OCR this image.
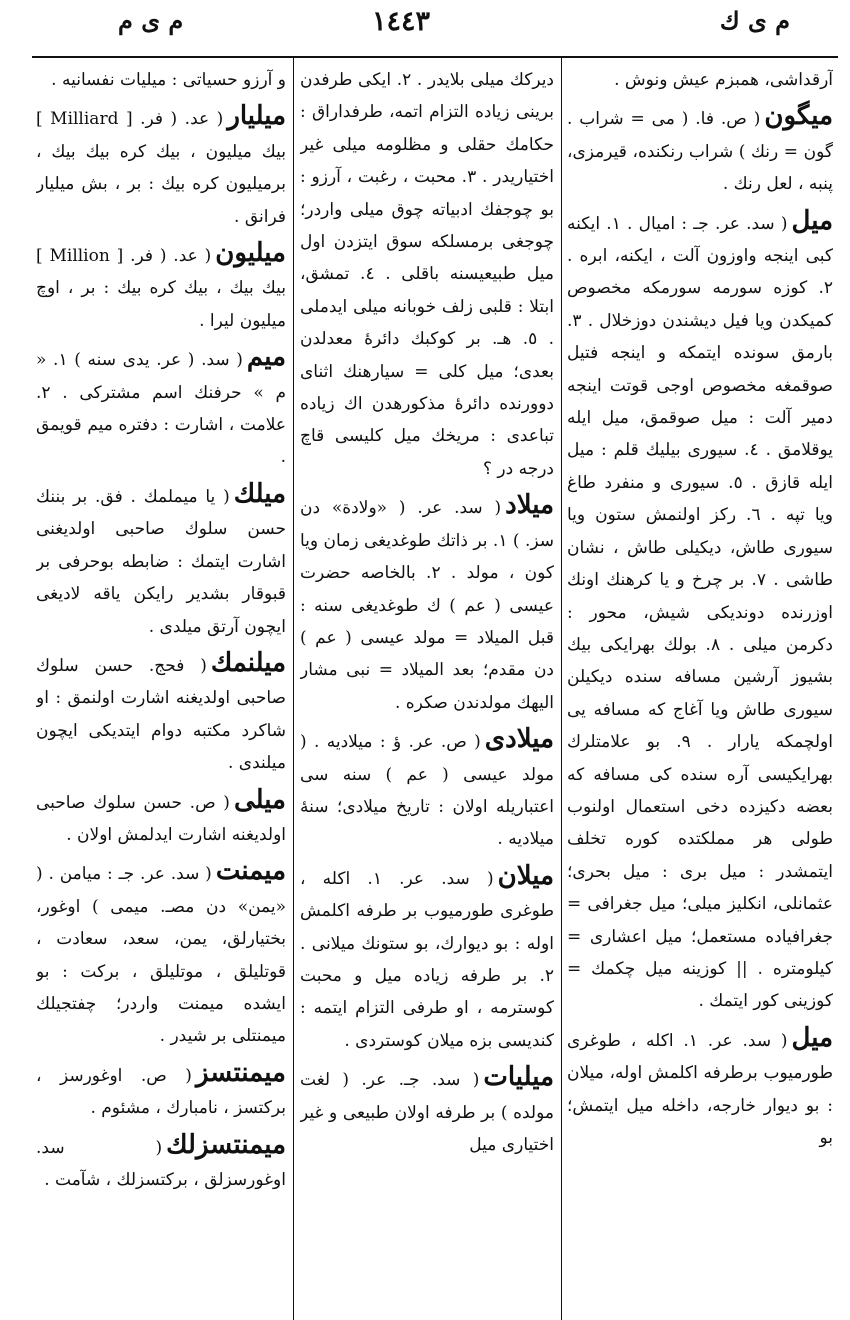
م ى ك
١٤٤٣
م ى م

آرقداشى، همبزم عيش ونوش .

ميگون( ص. فا. ( مى = شراب . گون = رنك ) شراب رنكنده، قيرمزى، پنبه ، لعل رنك .

ميل( سد. عر. جـ : اميال . ١. ايكنه كبى اينجه واوزون آلت ، ايكنه، ابره . ٢. كوزه سورمه سورمكه مخصوص كميكدن ويا فيل ديشندن دوزخلال . ٣. بارمق سونده ايتمكه و اينجه فتيل صوقمغه مخصوص اوجى قوتت اينجه دمير آلت : ميل صوقمق، ميل ايله يوقلامق . ٤. سيورى بيليك قلم : ميل ايله قازق . ٥. سيورى و منفرد طاغ ويا تپه . ٦. ركز اولنمش ستون ويا سيورى طاش، ديكيلى طاش ، نشان طاشى . ٧. بر چرخ و يا كرهنك اونك اوزرنده دونديكى شيش، محور : دكرمن ميلى . ٨. بولك بهرايكى بيك بشيوز آرشين مسافه سنده ديكيلن سيورى طاش ويا آغاج كه مسافه يى اولچمكه يارار . ٩. بو علامتلرك بهرايكيسى آره سنده كى مسافه كه بعضه دكيزده دخى استعمال اولنوب طولى هر مملكتده كوره تخلف ايتمشدر : ميل برى : ميل بحرى؛ عثمانلى، انكليز ميلى؛ ميل جغرافى = جغرافياده مستعمل؛ ميل اعشارى = كيلومتره . || كوزينه ميل چكمك = كوزينى كور ايتمك .

ميل( سد. عر. ١. اكله ، طوغرى طورميوب برطرفه اكلمش اوله، ميلان : بو ديوار خارجه، داخله ميل ايتمش؛ بو

ديركك ميلى بلايدر . ٢. ايكى طرفدن برينى زياده التزام اتمه، طرفداراق : حكامك حقلى و مظلومه ميلى غير اختياريدر . ٣. محبت ، رغبت ، آرزو : بو چوجفك ادبياته چوق ميلى واردر؛ چوجغى برمسلكه سوق ايتزدن اول ميل طبيعيسنه باقلى . ٤. تمشق، ابتلا : قلبى زلف خوبانه ميلى ايدملى . ٥. هـ. بر كوكبك دائرهٔ معدلدن بعدى؛ ميل كلى = سيارهنك اثناى دوورنده دائرهٔ مذكورهدن اك زياده تباعدى : مريخك ميل كليسى قاچ درجه در ؟

ميلاد( سد. عر. ( «ولادة» دن سز. ) ١. بر ذاتك طوغديغى زمان ويا كون ، مولد . ٢. بالخاصه حضرت عيسى ( عم ) ك طوغديغى سنه : قبل الميلاد = مولد عيسى ( عم ) دن مقدم؛ بعد الميلاد = نبى مشار اليهك مولدندن صكره .

ميلادى( ص. عر. ؤ : ميلاديه . ( مولد عيسى ( عم ) سنه سى اعتباريله اولان : تاريخ ميلادى؛ سنهٔ ميلاديه .

ميلان( سد. عر. ١. اكله ، طوغرى طورميوب بر طرفه اكلمش اوله : بو ديوارك، بو ستونك ميلانى . ٢. بر طرفه زياده ميل و محبت كوسترمه ، او طرفى التزام ايتمه : كنديسى بزه ميلان كوستردى .

ميليات( سد. جـ. عر. ( لغت مولده ) بر طرفه اولان طبيعى و غير اختيارى ميل

و آرزو حسياتى : ميليات نفسانيه .

ميليار( عد. ( فر. [ Milliard ] بيك ميليون ، بيك كره بيك بيك ، برميليون كره بيك : بر ، بش ميليار فرانق .

ميليون( عد. ( فر. [ Million ] بيك بيك ، بيك كره بيك : بر ، اوچ ميليون ليرا .

ميم( سد. ( عر. يدى سنه ) ١. « م » حرفنك اسم مشتركى . ٢. علامت ، اشارت : دفتره ميم قويمق .

ميلك( يا ميملمك . فق. بر بننك حسن سلوك صاحبى اولدیغنى اشارت ايتمك : ضابطه بوحرفى بر قبوقار بشدير رايكن ياقه لاديغى ايچون آرتق ميلدى .

ميلنمك( فحج. حسن سلوك صاحبى اولدیغنه اشارت اولنمق : او شاكرد مكتبه دوام ايتديكى ايچون ميلندى .

ميلى( ص. حسن سلوك صاحبى اولدیغنه اشارت ايدلمش اولان .

ميمنت( سد. عر. جـ : ميامن . ( «يمن» دن مصـ. ميمى ) اوغور، بختيارلق، يمن، سعد، سعادت ، قوتليلق ، موتليلق ، بركت : بو ايشده ميمنت واردر؛ چفتجيلك ميمنتلى بر شيدر .

ميمنتسز( ص. اوغورسز ، بركتسز ، نامبارك ، مشئوم .

ميمنتسزلك( سد. اوغورسزلق ، بركتسزلك ، شآمت .
